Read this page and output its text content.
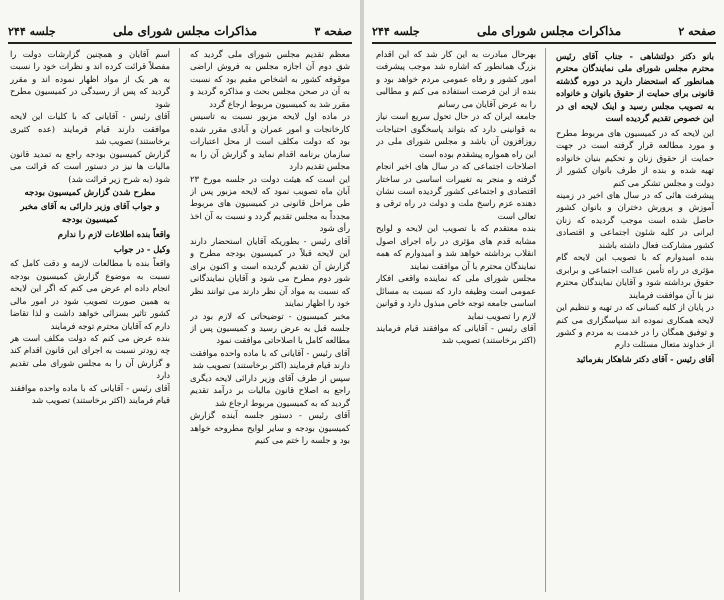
صفحه ۳
مذاکرات مجلس شورای ملی
جلسه ۲۴۴

معظم تقدیم مجلس شورای ملی گردید که شق دوم آن اجازه مجلس به فروش اراضی موقوفه کشور به اشخاص مقیم بود که نسبت به آن در صحن مجلس بحث و مذاکره گردید و مقرر شد به کمیسیون مربوط ارجاع گردد

در ماده اول لایحه مزبور نسبت به تاسیس کارخانجات و امور عمران و آبادی مقرر شده بود که دولت مکلف است از محل اعتبارات سازمان برنامه اقدام نماید و گزارش آن را به مجلس تقدیم دارد

این است که هیئت دولت در جلسه مورخ ۲۳ آبان ماه تصویب نمود که لایحه مزبور پس از طی مراحل قانونی در کمیسیون های مربوط مجدداً به مجلس تقدیم گردد و نسبت به آن اخذ رأی شود

آقای رئیس - بطوریکه آقایان استحضار دارند این لایحه قبلاً در کمیسیون بودجه مطرح و گزارش آن تقدیم گردیده است و اکنون برای شور دوم مطرح می شود و آقایان نمایندگانی که نسبت به مواد آن نظر دارند می توانند نظر خود را اظهار نمایند

مخبر کمیسیون - توضیحاتی که لازم بود در جلسه قبل به عرض رسید و کمیسیون پس از مطالعه کامل با اصلاحاتی موافقت نمود

آقای رئیس - آقایانی که با ماده واحده موافقت دارند قیام فرمایند (اکثر برخاستند) تصویب شد

سپس از طرف آقای وزیر دارائی لایحه دیگری راجع به اصلاح قانون مالیات بر درآمد تقدیم گردید که به کمیسیون مربوط ارجاع شد

آقای رئیس - دستور جلسه آینده گزارش کمیسیون بودجه و سایر لوایح مطروحه خواهد بود و جلسه را ختم می کنیم

اسم آقایان و همچنین گزارشات دولت را مفصلاً قرائت کرده اند و نظرات خود را نسبت به هر یک از مواد اظهار نموده اند و مقرر گردید که پس از رسیدگی در کمیسیون مطرح شود

آقای رئیس - آقایانی که با کلیات این لایحه موافقت دارند قیام فرمایند (عده کثیری برخاستند) تصویب شد

گزارش کمیسیون بودجه راجع به تمدید قانون مالیات ها نیز در دستور است که قرائت می شود (به شرح زیر قرائت شد)

مطرح شدن گزارش کمیسیون بودجه

و جواب آقای وزیر دارائی به آقای مخبر کمیسیون بودجه

واقعاً بنده اطلاعات لازم را ندارم

وکیل - در جواب

واقعاً بنده با مطالعات لازمه و دقت کامل که نسبت به موضوع گزارش کمیسیون بودجه انجام داده ام عرض می کنم که اگر این لایحه به همین صورت تصویب شود در امور مالی کشور تاثیر بسزائی خواهد داشت و لذا تقاضا دارم که آقایان محترم توجه فرمایند

بنده عرض می کنم که دولت مکلف است هر چه زودتر نسبت به اجرای این قانون اقدام کند و گزارش آن را به مجلس شورای ملی تقدیم دارد

آقای رئیس - آقایانی که با ماده واحده موافقند قیام فرمایند (اکثر برخاستند) تصویب شد

صفحه ۲
مذاکرات مجلس شورای ملی
جلسه ۲۴۴

بانو دکتر دولتشاهی - جناب آقای رئیس محترم مجلس شورای ملی نمایندگان محترم همانطور که استحضار دارید در دوره گذشته قانونی برای حمایت از حقوق بانوان و خانواده به تصویب مجلس رسید و اینک لایحه ای در این خصوص تقدیم گردیده است

این لایحه که در کمیسیون های مربوط مطرح و مورد مطالعه قرار گرفته است در جهت حمایت از حقوق زنان و تحکیم بنیان خانواده تهیه شده و بنده از طرف بانوان کشور از دولت و مجلس تشکر می کنم

پیشرفت هائی که در سال های اخیر در زمینه آموزش و پرورش دختران و بانوان کشور حاصل شده است موجب گردیده که زنان ایرانی در کلیه شئون اجتماعی و اقتصادی کشور مشارکت فعال داشته باشند

بنده امیدوارم که با تصویب این لایحه گام مؤثری در راه تأمین عدالت اجتماعی و برابری حقوق برداشته شود و آقایان نمایندگان محترم نیز با آن موافقت فرمایند

در پایان از کلیه کسانی که در تهیه و تنظیم این لایحه همکاری نموده اند سپاسگزاری می کنم و توفیق همگان را در خدمت به مردم و کشور از خداوند متعال مسئلت دارم

آقای رئیس - آقای دکتر شاهکار بفرمائید

بهرحال مبادرت به این کار شد که این اقدام بزرگ همانطور که اشاره شد موجب پیشرفت امور کشور و رفاه عمومی مردم خواهد بود و بنده از این فرصت استفاده می کنم و مطالبی را به عرض آقایان می رسانم

جامعه ایران که در حال تحول سریع است نیاز به قوانینی دارد که بتواند پاسخگوی احتیاجات روزافزون آن باشد و مجلس شورای ملی در این راه همواره پیشقدم بوده است

اصلاحات اجتماعی که در سال های اخیر انجام گرفته و منجر به تغییرات اساسی در ساختار اقتصادی و اجتماعی کشور گردیده است نشان دهنده عزم راسخ ملت و دولت در راه ترقی و تعالی است

بنده معتقدم که با تصویب این لایحه و لوایح مشابه قدم های مؤثری در راه اجرای اصول انقلاب برداشته خواهد شد و امیدوارم که همه نمایندگان محترم با آن موافقت نمایند

مجلس شورای ملی که نماینده واقعی افکار عمومی است وظیفه دارد که نسبت به مسائل اساسی جامعه توجه خاص مبذول دارد و قوانین لازم را تصویب نماید

آقای رئیس - آقایانی که موافقند قیام فرمایند (اکثر برخاستند) تصویب شد
